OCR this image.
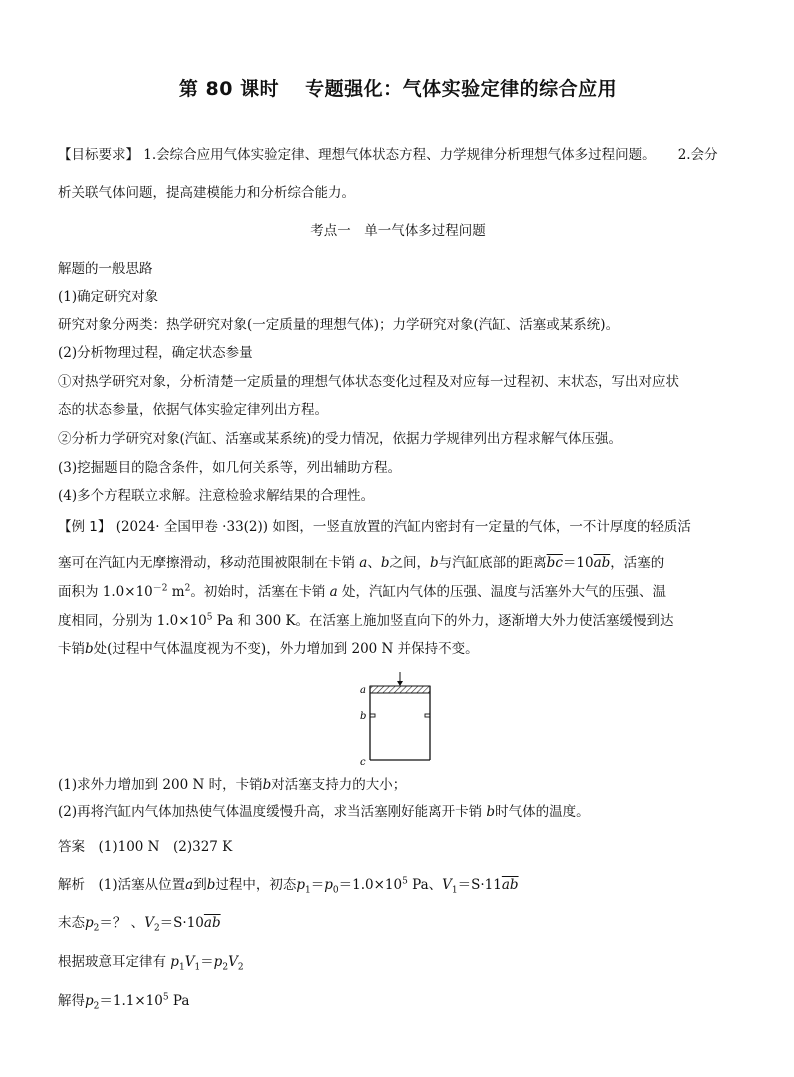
第 80 课时 专题强化：气体实验定律的综合应用
【目标要求】 1.会综合应用气体实验定律、理想气体状态方程、力学规律分析理想气体多过程问题。 2.会分
析关联气体问题，提高建模能力和分析综合能力。
考点一　单一气体多过程问题
解题的一般思路
(1)确定研究对象
研究对象分两类：热学研究对象(一定质量的理想气体)；力学研究对象(汽缸、活塞或某系统)。
(2)分析物理过程，确定状态参量
①对热学研究对象，分析清楚一定质量的理想气体状态变化过程及对应每一过程初、末状态，写出对应状
态的状态参量，依据气体实验定律列出方程。
②分析力学研究对象(汽缸、活塞或某系统)的受力情况，依据力学规律列出方程求解气体压强。
(3)挖掘题目的隐含条件，如几何关系等，列出辅助方程。
(4)多个方程联立求解。注意检验求解结果的合理性。
【例 1】 (2024· 全国甲卷 ·33(2)) 如图，一竖直放置的汽缸内密封有一定量的气体，一不计厚度的轻质活
塞可在汽缸内无摩擦滑动，移动范围被限制在卡销 a、b之间，b与汽缸底部的距离$\overline{bc}=10\overline{ab}$，活塞的
面积为 $1.0\times 10^{-2}$ $m^2$。初始时，活塞在卡销 a 处，汽缸内气体的压强、温度与活塞外大气的压强、温
度相同，分别为 $1.0\times 10^5$ Pa 和 300 K。在活塞上施加竖直向下的外力，逐渐增大外力使活塞缓慢到达
卡销b处(过程中气体温度视为不变)，外力增加到 200 N 并保持不变。
a
b
c
(1)求外力增加到 200 N 时，卡销b对活塞支持力的大小；
(2)再将汽缸内气体加热使气体温度缓慢升高，求当活塞刚好能离开卡销 b时气体的温度。
答案　 (1)100 N　(2)327 K
解析　 (1)活塞从位置a到b过程中，初态$p_1=p_0=1.0\times 10^5$ Pa、$V_1=S\cdot 11\overline{ab}$
末态$p_2=$？ 、$V_2=S\cdot 10\overline{ab}$
根据玻意耳定律有 $p_1V_1=p_2V_2$
解得$p_2=1.1\times 10^5$ Pa
